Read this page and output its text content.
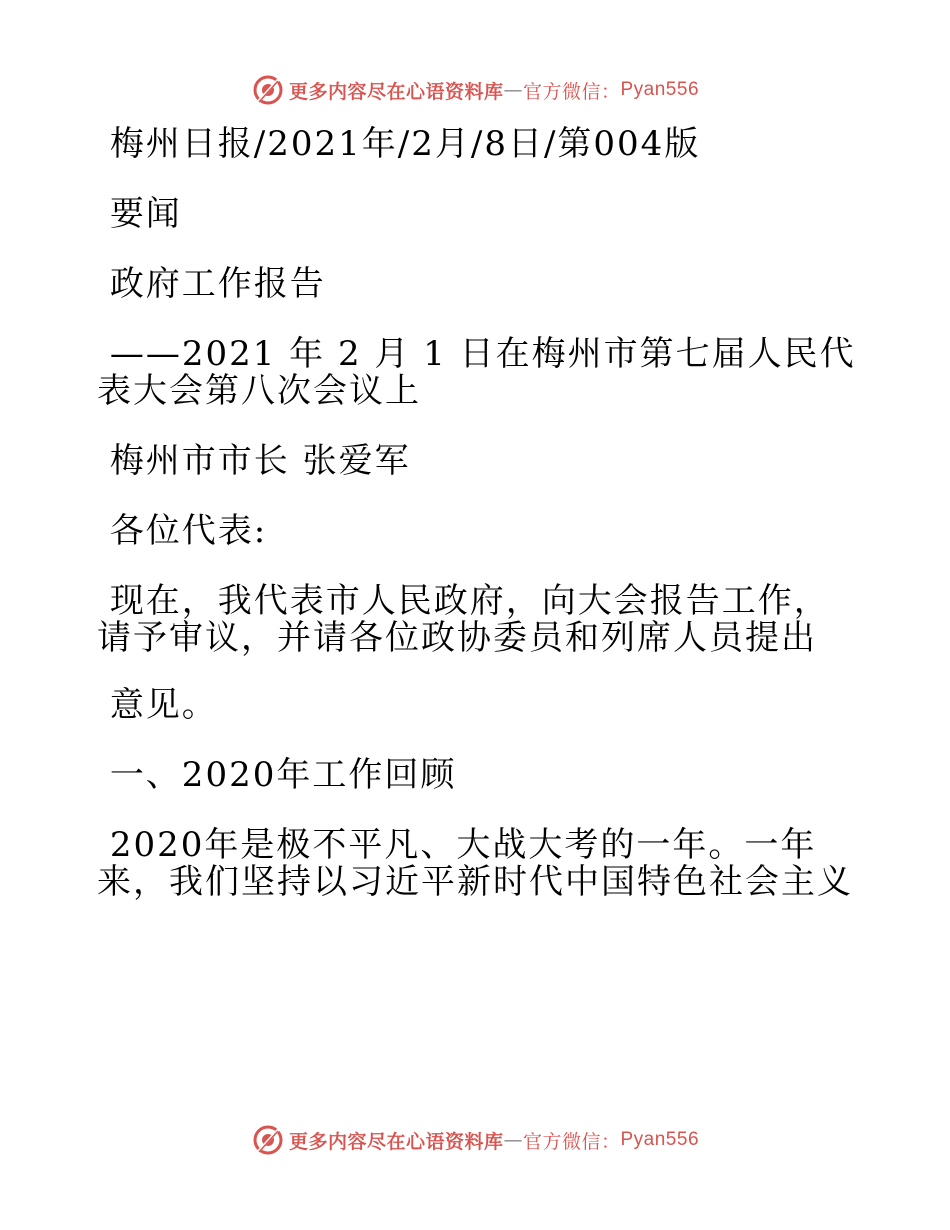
更多内容尽在心语资料库 — 官方微信： Pyan556

梅州日报/2021年/2月/8日/第004版

要闻

政府工作报告

——2021 年 2 月 1 日在梅州市第七届人民代表大会第八次会议上

梅州市市长 张爱军

各位代表:

现在，我代表市人民政府，向大会报告工作，请予审议，并请各位政协委员和列席人员提出

意见。

一、2020年工作回顾

2020年是极不平凡、大战大考的一年。一年来，我们坚持以习近平新时代中国特色社会主义

更多内容尽在心语资料库 — 官方微信： Pyan556
